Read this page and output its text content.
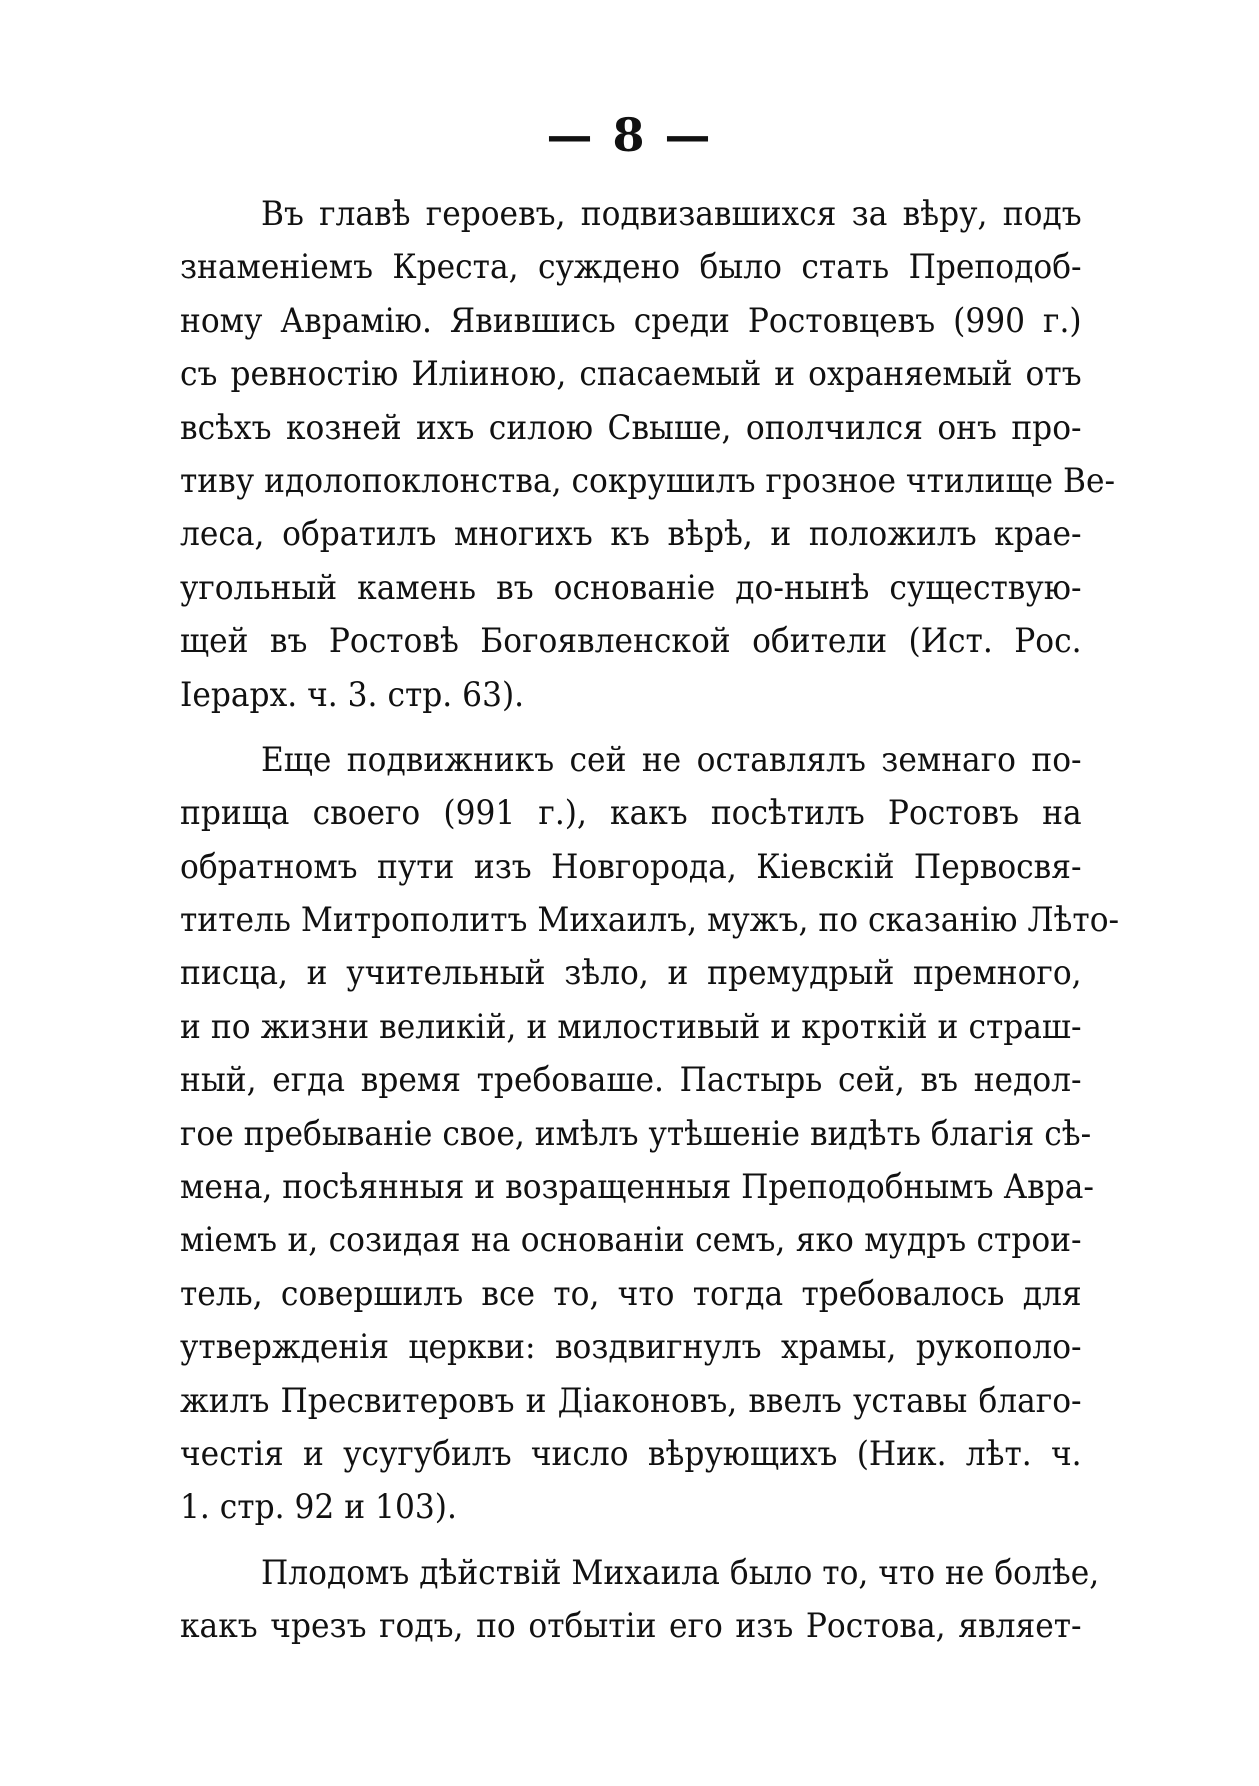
— 8 —
Въ главѣ героевъ, подвизавшихся за вѣру, подъ
знаменіемъ Креста, суждено было стать Преподоб-
ному Аврамію. Явившись среди Ростовцевъ (990 г.)
съ ревностію Иліиною, спасаемый и охраняемый отъ
всѣхъ козней ихъ силою Свыше, ополчился онъ про-
тиву идолопоклонства, сокрушилъ грозное чтилище Ве-
леса, обратилъ многихъ къ вѣрѣ, и положилъ крае-
угольный камень въ основаніе до-нынѣ существую-
щей въ Ростовѣ Богоявленской обители (Ист. Рос.
Іерарх. ч. 3. стр. 63).
Еще подвижникъ сей не оставлялъ земнаго по-
прища своего (991 г.), какъ посѣтилъ Ростовъ на
обратномъ пути изъ Новгорода, Кіевскій Первосвя-
титель Митрополитъ Михаилъ, мужъ, по сказанію Лѣто-
писца, и учительный зѣло, и премудрый премного,
и по жизни великій, и милостивый и кроткій и страш-
ный, егда время требоваше. Пастырь сей, въ недол-
гое пребываніе свое, имѣлъ утѣшеніе видѣть благія сѣ-
мена, посѣянныя и возращенныя Преподобнымъ Авра-
міемъ и, созидая на основаніи семъ, яко мудръ строи-
тель, совершилъ все то, что тогда требовалось для
утвержденія церкви: воздвигнулъ храмы, рукополо-
жилъ Пресвитеровъ и Діаконовъ, ввелъ уставы благо-
честія и усугубилъ число вѣрующихъ (Ник. лѣт. ч.
1. стр. 92 и 103).
Плодомъ дѣйствій Михаила было то, что не болѣе,
какъ чрезъ годъ, по отбытіи его изъ Ростова, являет-
